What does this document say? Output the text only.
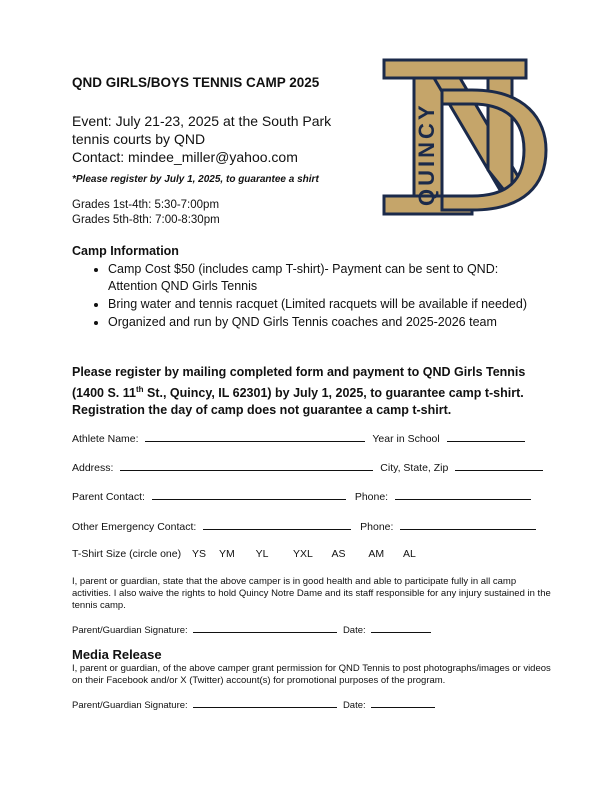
QND GIRLS/BOYS TENNIS CAMP 2025
Event: July 21-23, 2025 at the South Park
tennis courts by QND
Contact: mindee_miller@yahoo.com
*Please register by July 1, 2025, to guarantee a shirt
Grades 1st-4th: 5:30-7:00pm
Grades 5th-8th: 7:00-8:30pm
Camp Information
• Camp Cost $50 (includes camp T-shirt)- Payment can be sent to QND: Attention QND Girls Tennis
• Bring water and tennis racquet (Limited racquets will be available if needed)
• Organized and run by QND Girls Tennis coaches and 2025-2026 team
Please register by mailing completed form and payment to QND Girls Tennis (1400 S. 11th St., Quincy, IL 62301) by July 1, 2025, to guarantee camp t-shirt. Registration the day of camp does not guarantee a camp t-shirt.
Athlete Name:	Year in School
Address:	City, State, Zip
Parent Contact:	Phone:
Other Emergency Contact:	Phone:
T-Shirt Size (circle one) YS YM YL YXL AS AM AL
I, parent or guardian, state that the above camper is in good health and able to participate fully in all camp activities. I also waive the rights to hold Quincy Notre Dame and its staff responsible for any injury sustained in the tennis camp.
Parent/Guardian Signature:	Date:
Media Release
I, parent or guardian, of the above camper grant permission for QND Tennis to post photographs/images or videos on their Facebook and/or X (Twitter) account(s) for promotional purposes of the program.
Parent/Guardian Signature:	Date:
QUINCY
